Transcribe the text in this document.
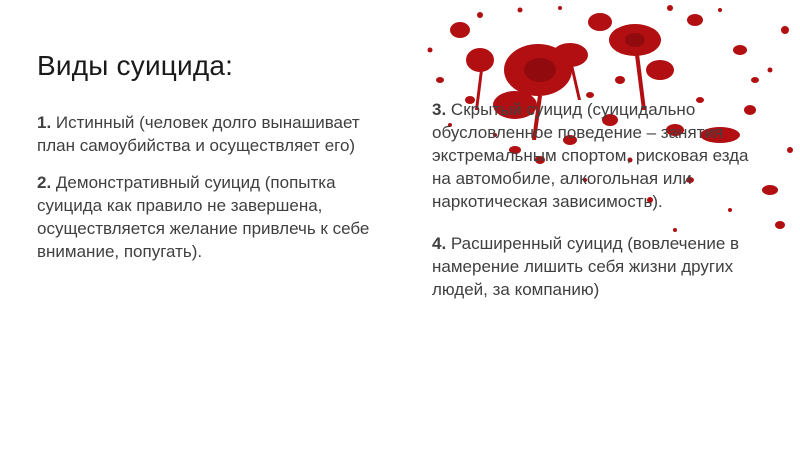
Виды суицида:
1. Истинный (человек долго вынашивает план самоубийства и осуществляет его)
2. Демонстративный суицид (попытка суицида как правило не завершена, осуществляется желание привлечь к себе внимание, попугать).
3. Скрытый суицид (суицидально обусловленное поведение – занятия экстремальным спортом, рисковая езда на автомобиле, алкогольная или наркотическая зависимость).
4. Расширенный суицид (вовлечение в намерение лишить себя жизни других людей, за компанию)
